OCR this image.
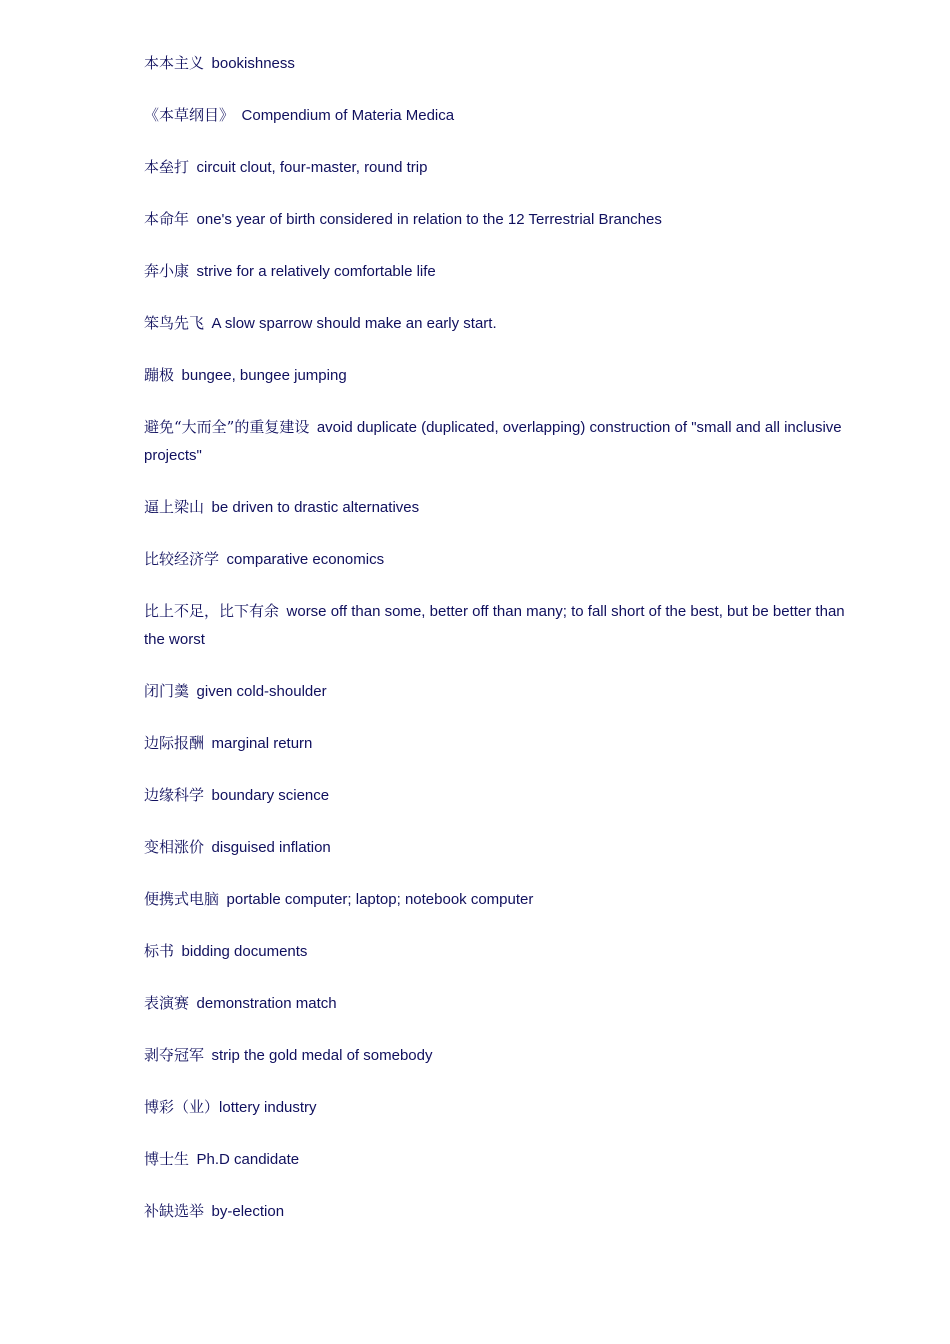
本本主义 bookishness
《本草纲目》 Compendium of Materia Medica
本垒打 circuit clout, four-master, round trip
本命年 one's year of birth considered in relation to the 12 Terrestrial Branches
奔小康 strive for a relatively comfortable life
笨鸟先飞 A slow sparrow should make an early start.
蹦极 bungee, bungee jumping
避免“大而全”的重复建设 avoid duplicate (duplicated, overlapping) construction of "small and all inclusive projects"
逼上梁山 be driven to drastic alternatives
比较经济学 comparative economics
比上不足，比下有余 worse off than some, better off than many; to fall short of the best, but be better than the worst
闭门羹 given cold-shoulder
边际报酬 marginal return
边缘科学 boundary science
变相涨价 disguised inflation
便携式电脑 portable computer; laptop; notebook computer
标书 bidding documents
表演赛 demonstration match
剥夺冠军 strip the gold medal of somebody
博彩（业）lottery industry
博士生 Ph.D candidate
补缺选举 by-election
